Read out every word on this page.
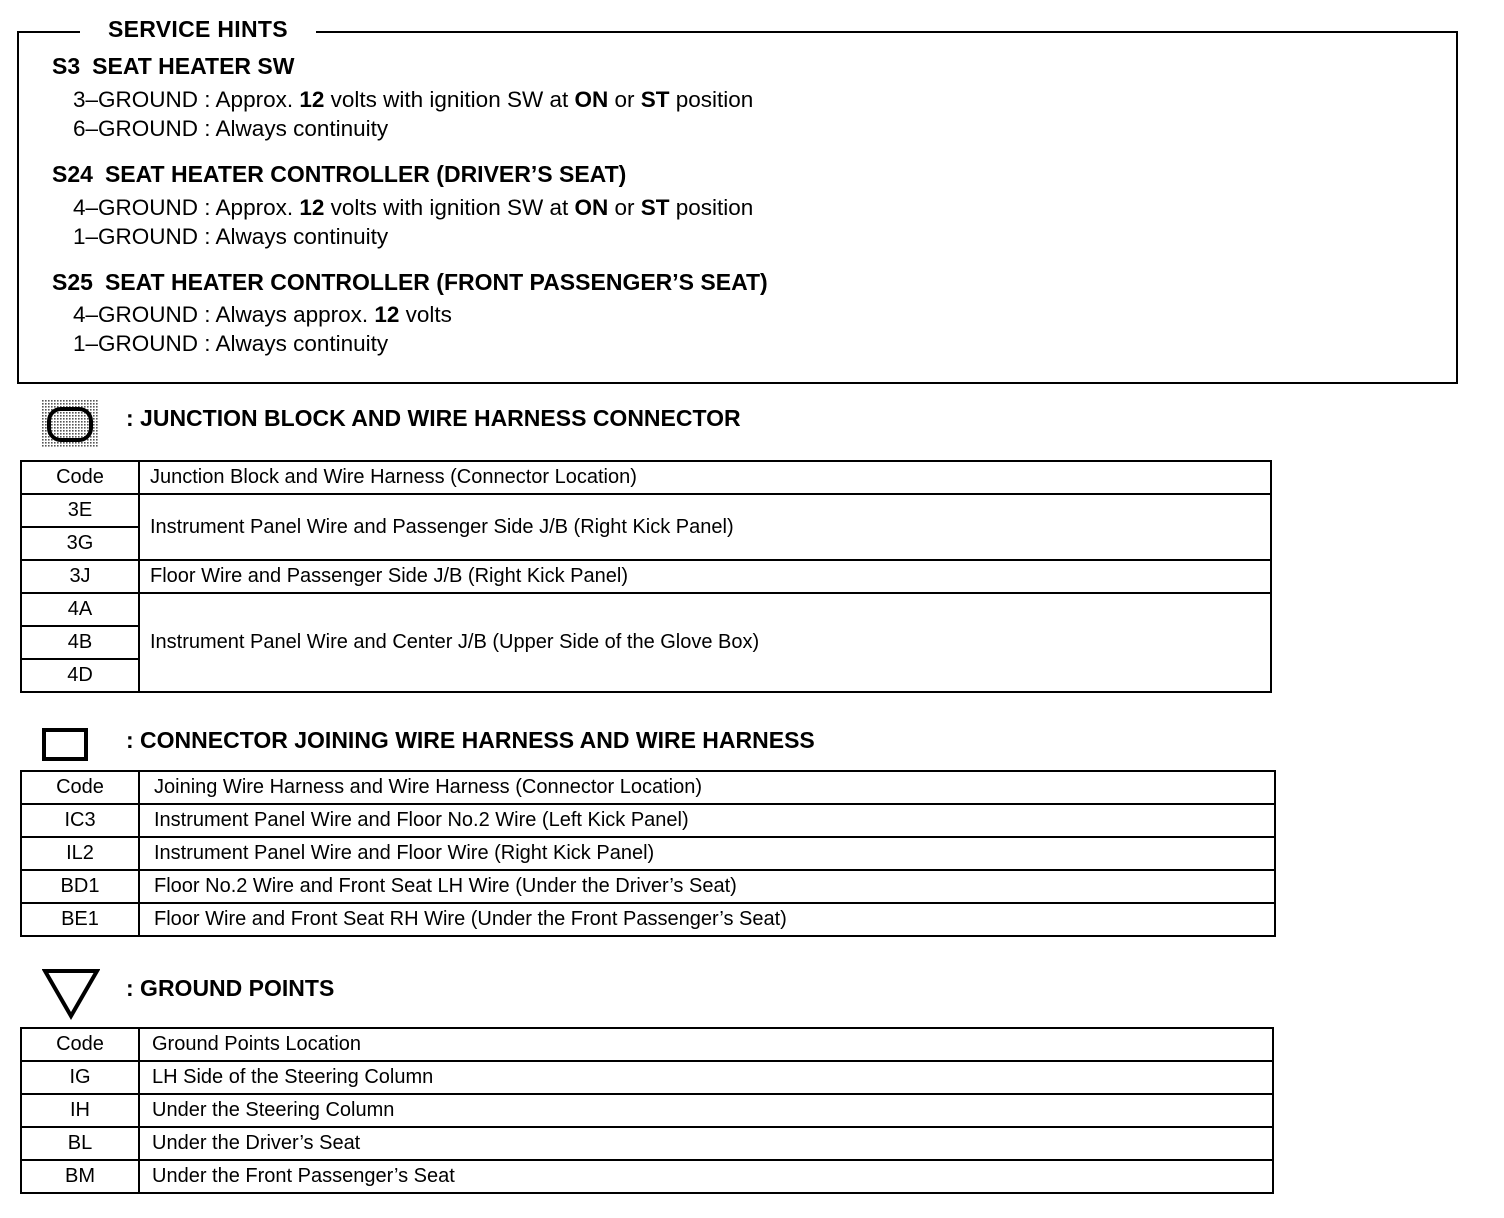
SERVICE HINTS
S3 SEAT HEATER SW
3–GROUND : Approx. 12 volts with ignition SW at ON or ST position
6–GROUND : Always continuity
S24 SEAT HEATER CONTROLLER (DRIVER’S SEAT)
4–GROUND : Approx. 12 volts with ignition SW at ON or ST position
1–GROUND : Always continuity
S25 SEAT HEATER CONTROLLER (FRONT PASSENGER’S SEAT)
4–GROUND : Always approx. 12 volts
1–GROUND : Always continuity
: JUNCTION BLOCK AND WIRE HARNESS CONNECTOR
Code	Junction Block and Wire Harness (Connector Location)
3E	Instrument Panel Wire and Passenger Side J/B (Right Kick Panel)
3G	
3J	Floor Wire and Passenger Side J/B (Right Kick Panel)
4A	Instrument Panel Wire and Center J/B (Upper Side of the Glove Box)
4B	
4D	
: CONNECTOR JOINING WIRE HARNESS AND WIRE HARNESS
Code	Joining Wire Harness and Wire Harness (Connector Location)
IC3	Instrument Panel Wire and Floor No.2 Wire (Left Kick Panel)
IL2	Instrument Panel Wire and Floor Wire (Right Kick Panel)
BD1	Floor No.2 Wire and Front Seat LH Wire (Under the Driver’s Seat)
BE1	Floor Wire and Front Seat RH Wire (Under the Front Passenger’s Seat)
: GROUND POINTS
Code	Ground Points Location
IG	LH Side of the Steering Column
IH	Under the Steering Column
BL	Under the Driver’s Seat
BM	Under the Front Passenger’s Seat
